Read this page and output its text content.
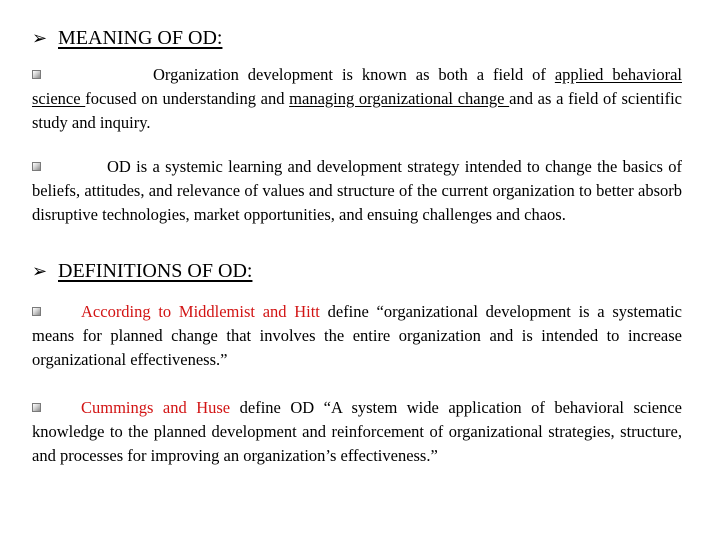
➢ MEANING OF OD:
Organization development is known as both a field of applied behavioral science focused on understanding and managing organizational change and as a field of scientific study and inquiry.
OD is a systemic learning and development strategy intended to change the basics of beliefs, attitudes, and relevance of values and structure of the current organization to better absorb disruptive technologies, market opportunities, and ensuing challenges and chaos.
➢ DEFINITIONS OF OD:
According to Middlemist and Hitt define “organizational development is a systematic means for planned change that involves the entire organization and is intended to increase organizational effectiveness.”
Cummings and Huse define OD “A system wide application of behavioral science knowledge to the planned development and reinforcement of organizational strategies, structure, and processes for improving an organization’s effectiveness.”
